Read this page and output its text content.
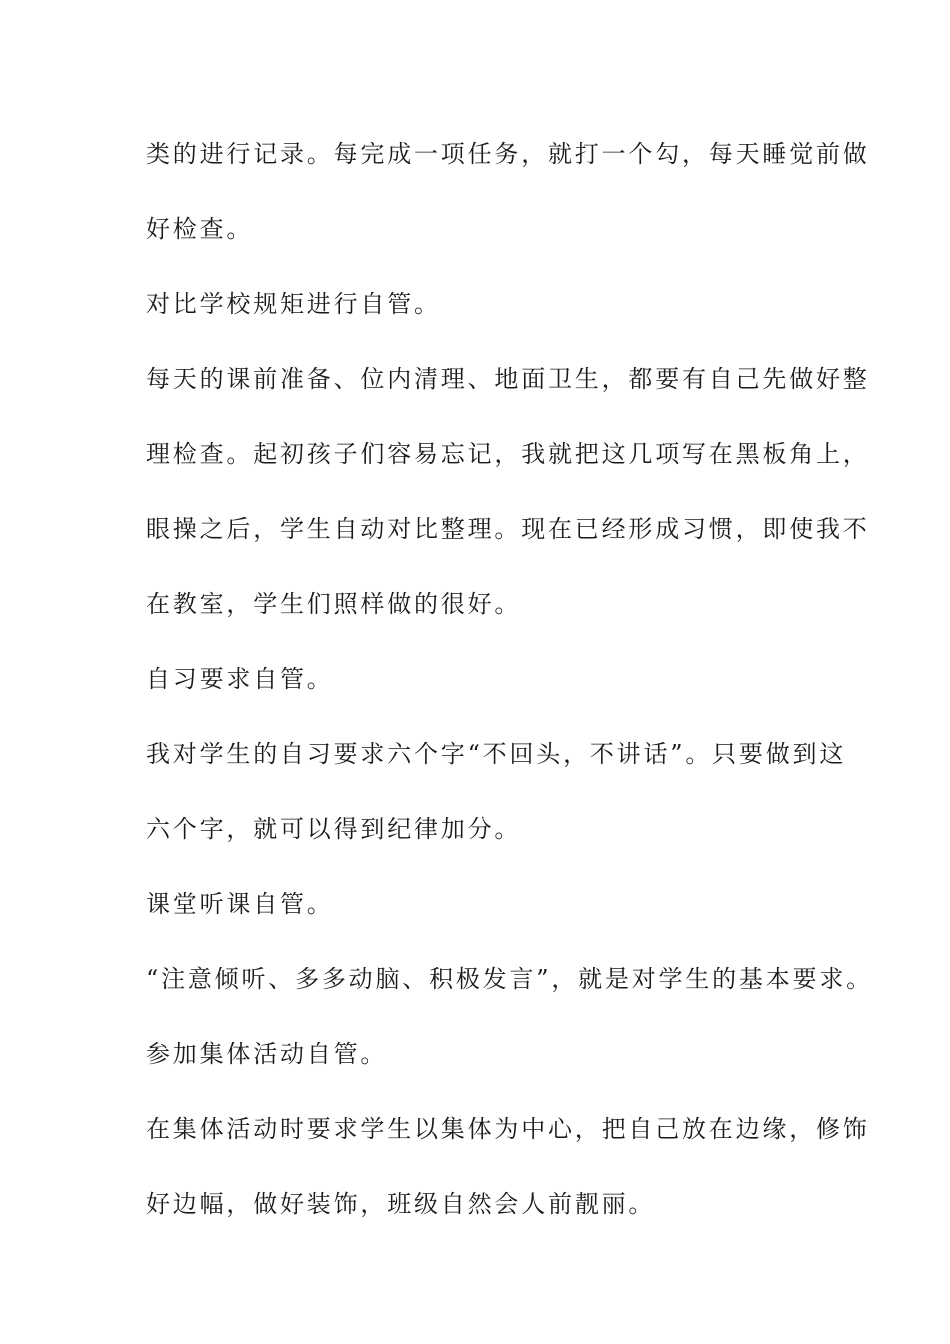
类的进行记录。每完成一项任务，就打一个勾，每天睡觉前做

好检查。

对比学校规矩进行自管。

每天的课前准备、位内清理、地面卫生，都要有自己先做好整

理检查。起初孩子们容易忘记，我就把这几项写在黑板角上，

眼操之后，学生自动对比整理。现在已经形成习惯，即使我不

在教室，学生们照样做的很好。

自习要求自管。

我对学生的自习要求六个字“不回头，不讲话”。只要做到这

六个字，就可以得到纪律加分。

课堂听课自管。

“注意倾听、多多动脑、积极发言”，就是对学生的基本要求。

参加集体活动自管。

在集体活动时要求学生以集体为中心，把自己放在边缘，修饰

好边幅，做好装饰，班级自然会人前靓丽。
